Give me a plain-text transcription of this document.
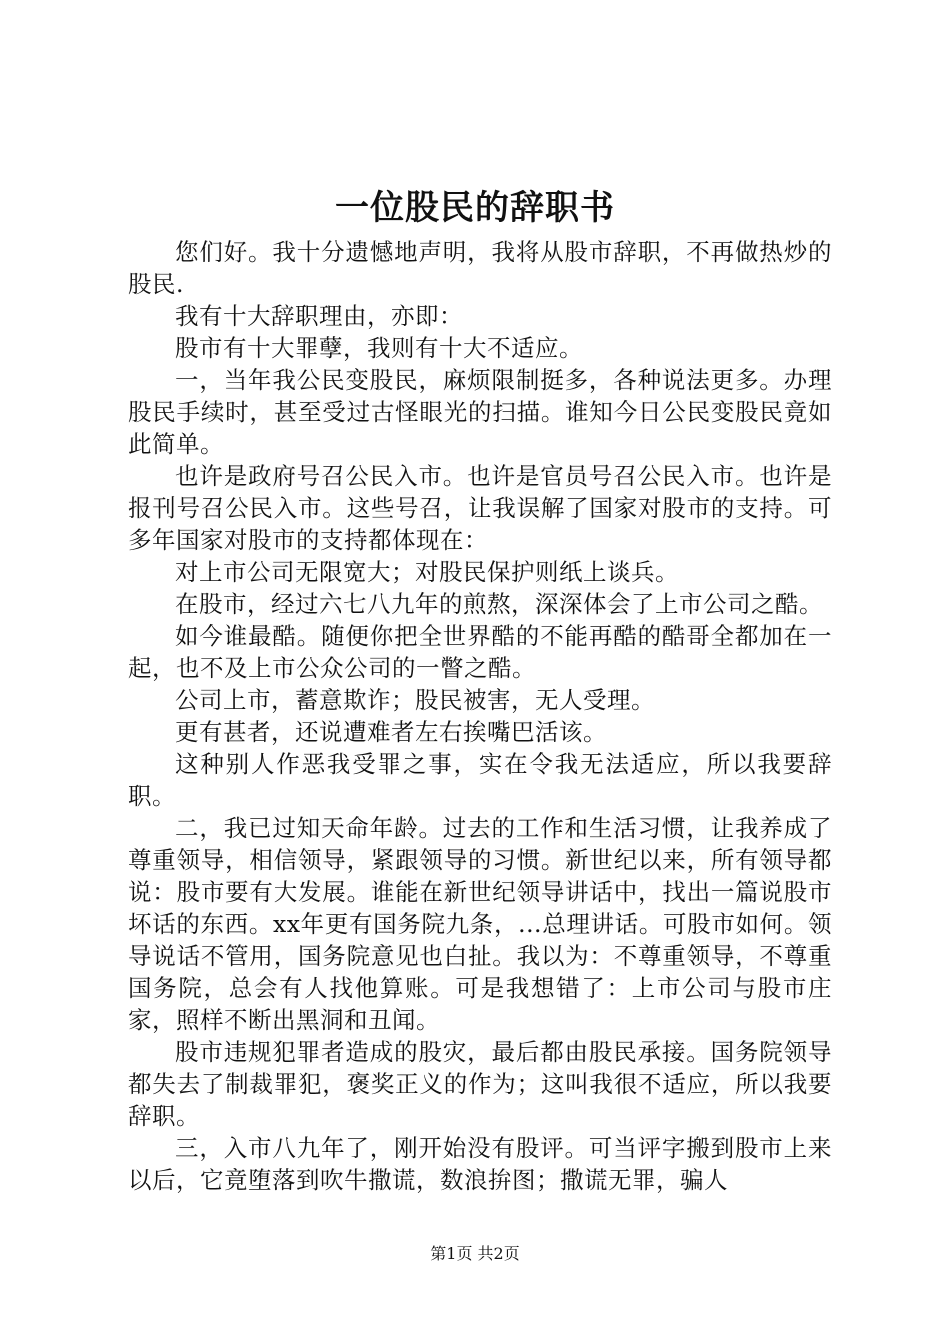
一位股民的辞职书

您们好。我十分遗憾地声明，我将从股市辞职，不再做热炒的股民.

我有十大辞职理由，亦即：

股市有十大罪孽，我则有十大不适应。

一，当年我公民变股民，麻烦限制挺多，各种说法更多。办理股民手续时，甚至受过古怪眼光的扫描。谁知今日公民变股民竟如此简单。

也许是政府号召公民入市。也许是官员号召公民入市。也许是报刊号召公民入市。这些号召，让我误解了国家对股市的支持。可多年国家对股市的支持都体现在：

对上市公司无限宽大；对股民保护则纸上谈兵。

在股市，经过六七八九年的煎熬，深深体会了上市公司之酷。

如今谁最酷。随便你把全世界酷的不能再酷的酷哥全都加在一起，也不及上市公众公司的一瞥之酷。

公司上市，蓄意欺诈；股民被害，无人受理。

更有甚者，还说遭难者左右挨嘴巴活该。

这种别人作恶我受罪之事，实在令我无法适应，所以我要辞职。

二，我已过知天命年龄。过去的工作和生活习惯，让我养成了尊重领导，相信领导，紧跟领导的习惯。新世纪以来，所有领导都说：股市要有大发展。谁能在新世纪领导讲话中，找出一篇说股市坏话的东西。xx年更有国务院九条，...总理讲话。可股市如何。领导说话不管用，国务院意见也白扯。我以为：不尊重领导，不尊重国务院，总会有人找他算账。可是我想错了：上市公司与股市庄家，照样不断出黑洞和丑闻。

股市违规犯罪者造成的股灾，最后都由股民承接。国务院领导都失去了制裁罪犯，褒奖正义的作为；这叫我很不适应，所以我要辞职。

三，入市八九年了，刚开始没有股评。可当评字搬到股市上来以后，它竟堕落到吹牛撒谎，数浪拚图；撒谎无罪，骗人

第1页 共2页
